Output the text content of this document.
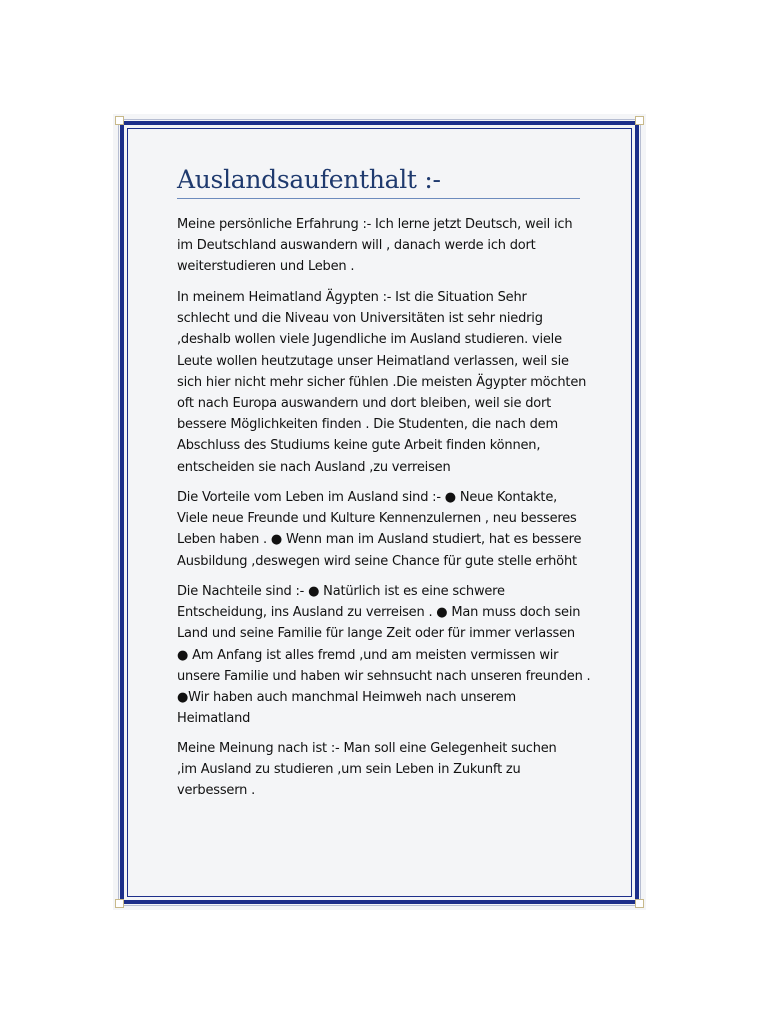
Auslandsaufenthalt :-

Meine persönliche Erfahrung :- Ich lerne jetzt Deutsch, weil ich
im Deutschland auswandern will , danach werde ich dort
weiterstudieren und Leben .

In meinem Heimatland Ägypten :- Ist die Situation Sehr
schlecht und die Niveau von Universitäten ist sehr niedrig
,deshalb wollen viele Jugendliche im Ausland studieren. viele
Leute wollen heutzutage unser Heimatland verlassen, weil sie
sich hier nicht mehr sicher fühlen .Die meisten Ägypter möchten
oft nach Europa auswandern und dort bleiben, weil sie dort
bessere Möglichkeiten finden . Die Studenten, die nach dem
Abschluss des Studiums keine gute Arbeit finden können,
entscheiden sie nach Ausland ,zu verreisen

Die Vorteile vom Leben im Ausland sind :- ● Neue Kontakte,
Viele neue Freunde und Kulture Kennenzulernen , neu besseres
Leben haben . ● Wenn man im Ausland studiert, hat es bessere
Ausbildung ,deswegen wird seine Chance für gute stelle erhöht

Die Nachteile sind :- ● Natürlich ist es eine schwere
Entscheidung, ins Ausland zu verreisen . ● Man muss doch sein
Land und seine Familie für lange Zeit oder für immer verlassen
● Am Anfang ist alles fremd ,und am meisten vermissen wir
unsere Familie und haben wir sehnsucht nach unseren freunden .
●Wir haben auch manchmal Heimweh nach unserem
Heimatland

Meine Meinung nach ist :- Man soll eine Gelegenheit suchen
,im Ausland zu studieren ,um sein Leben in Zukunft zu
verbessern .
